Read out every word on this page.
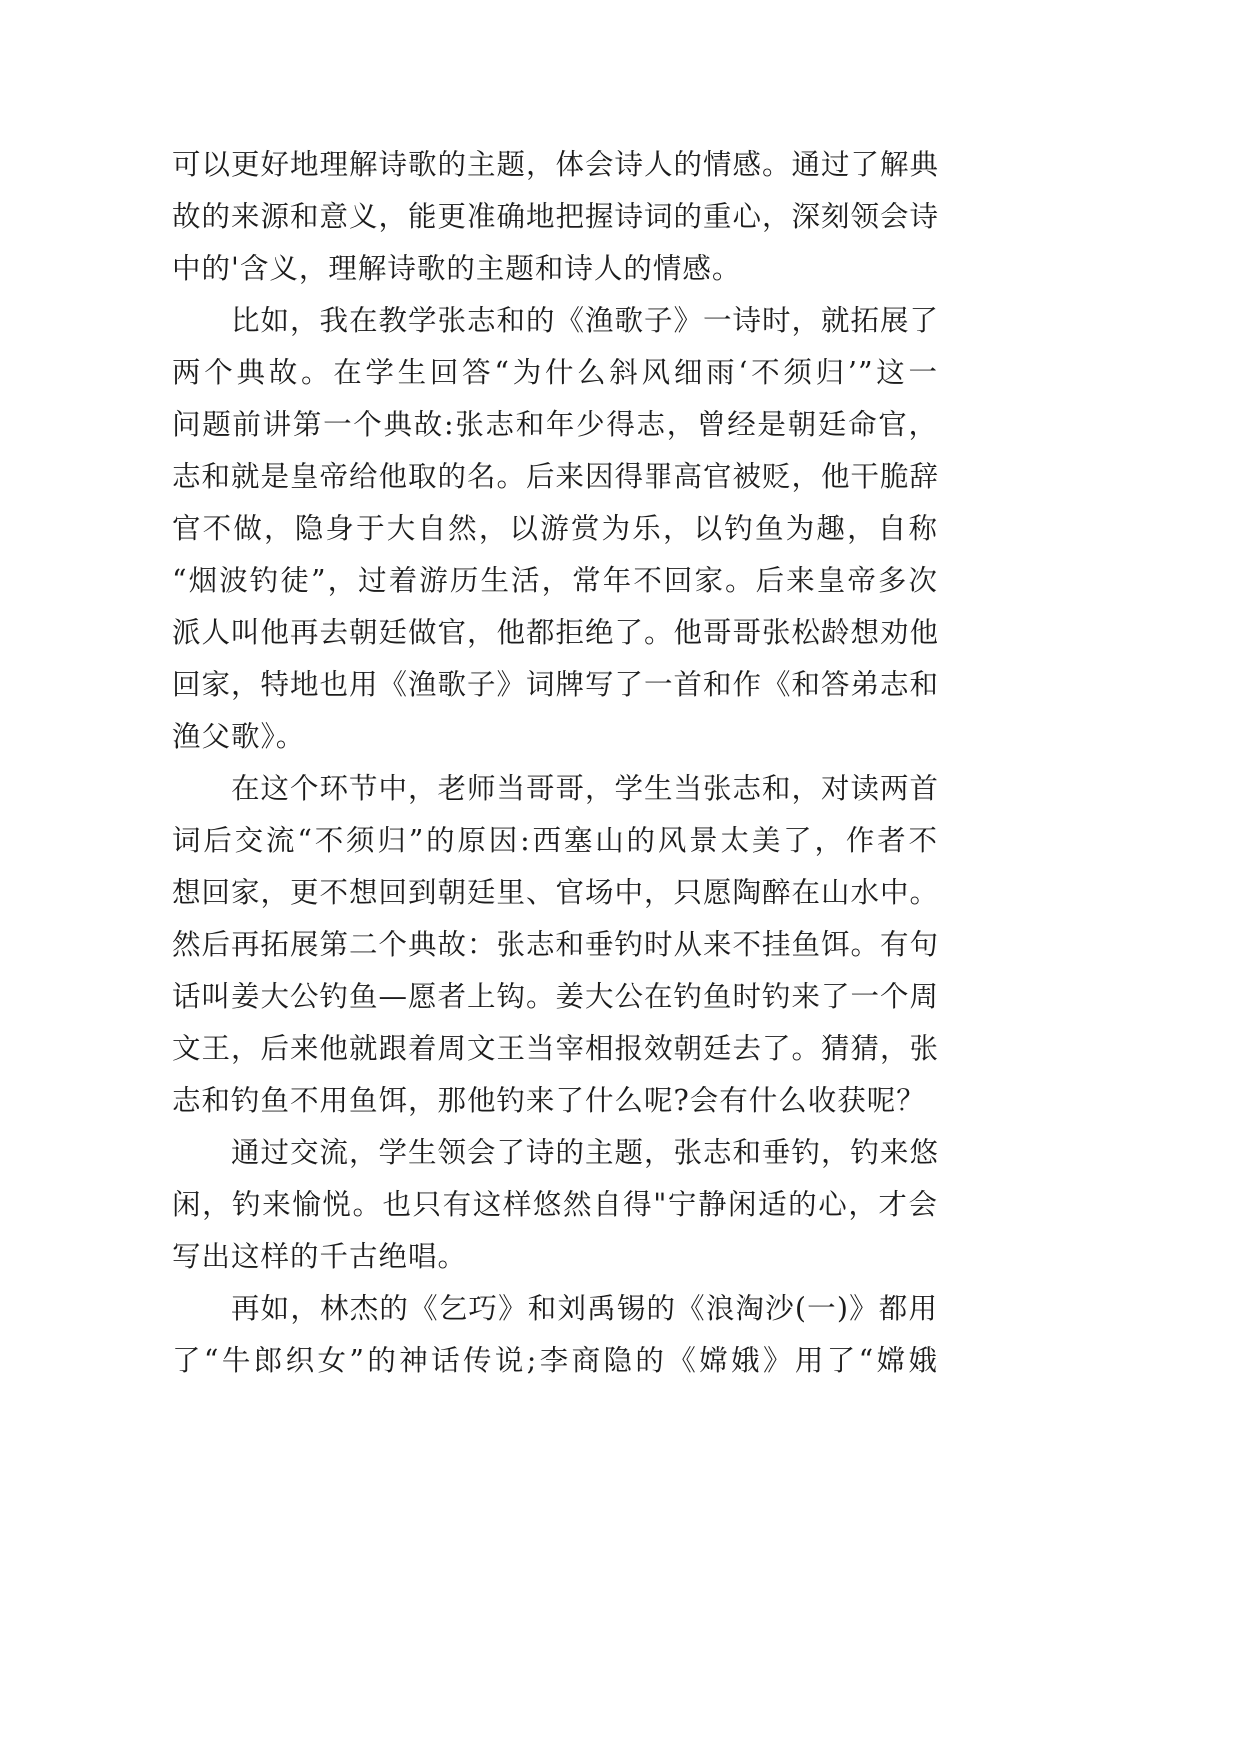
可以更好地理解诗歌的主题，体会诗人的情感。通过了解典
故的来源和意义，能更准确地把握诗词的重心，深刻领会诗
中的'含义，理解诗歌的主题和诗人的情感。
比如，我在教学张志和的《渔歌子》一诗时，就拓展了
两个典故。在学生回答“为什么斜风细雨‘不须归’”这一
问题前讲第一个典故:张志和年少得志，曾经是朝廷命官，
志和就是皇帝给他取的名。后来因得罪高官被贬，他干脆辞
官不做，隐身于大自然，以游赏为乐，以钓鱼为趣，自称
“烟波钓徒”，过着游历生活，常年不回家。后来皇帝多次
派人叫他再去朝廷做官，他都拒绝了。他哥哥张松龄想劝他
回家，特地也用《渔歌子》词牌写了一首和作《和答弟志和
渔父歌》。
在这个环节中，老师当哥哥，学生当张志和，对读两首
词后交流“不须归”的原因:西塞山的风景太美了，作者不
想回家，更不想回到朝廷里、官场中，只愿陶醉在山水中。
然后再拓展第二个典故：张志和垂钓时从来不挂鱼饵。有句
话叫姜大公钓鱼—愿者上钩。姜大公在钓鱼时钓来了一个周
文王，后来他就跟着周文王当宰相报效朝廷去了。猜猜，张
志和钓鱼不用鱼饵，那他钓来了什么呢?会有什么收获呢？
通过交流，学生领会了诗的主题，张志和垂钓，钓来悠
闲，钓来愉悦。也只有这样悠然自得"宁静闲适的心，才会
写出这样的千古绝唱。
再如，林杰的《乞巧》和刘禹锡的《浪淘沙(一)》都用
了“牛郎织女”的神话传说;李商隐的《嫦娥》用了“嫦娥
